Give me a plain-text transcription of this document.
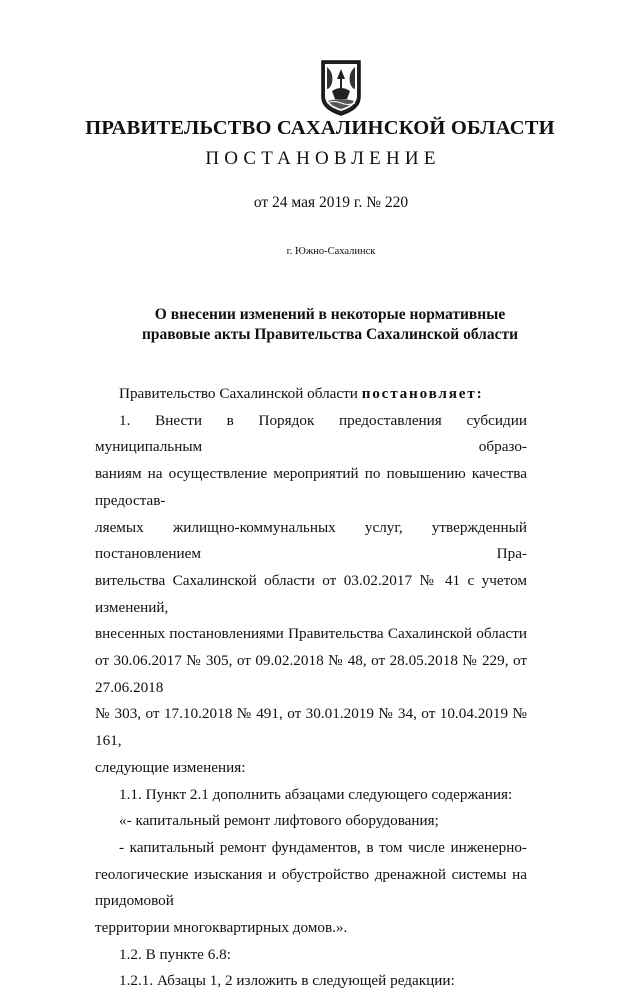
ПРАВИТЕЛЬСТВО САХАЛИНСКОЙ ОБЛАСТИ
ПОСТАНОВЛЕНИЕ
от 24 мая 2019 г. № 220
г. Южно-Сахалинск
О внесении изменений в некоторые нормативные
правовые акты Правительства Сахалинской области

Правительство Сахалинской области постановляет:

1. Внести в Порядок предоставления субсидии муниципальным образо-

ваниям на осуществление мероприятий по повышению качества предостав-

ляемых жилищно-коммунальных услуг, утвержденный постановлением Пра-

вительства Сахалинской области от 03.02.2017 № 41 с учетом изменений,

внесенных постановлениями Правительства Сахалинской области

от 30.06.2017 № 305, от 09.02.2018 № 48, от 28.05.2018 № 229, от 27.06.2018

№ 303, от 17.10.2018 № 491, от 30.01.2019 № 34, от 10.04.2019 № 161,

следующие изменения:

1.1. Пункт 2.1 дополнить абзацами следующего содержания:

«- капитальный ремонт лифтового оборудования;

- капитальный ремонт фундаментов, в том числе инженерно-

геологические изыскания и обустройство дренажной системы на придомовой

территории многоквартирных домов.».

1.2. В пункте 6.8:

1.2.1. Абзацы 1, 2 изложить в следующей редакции:
